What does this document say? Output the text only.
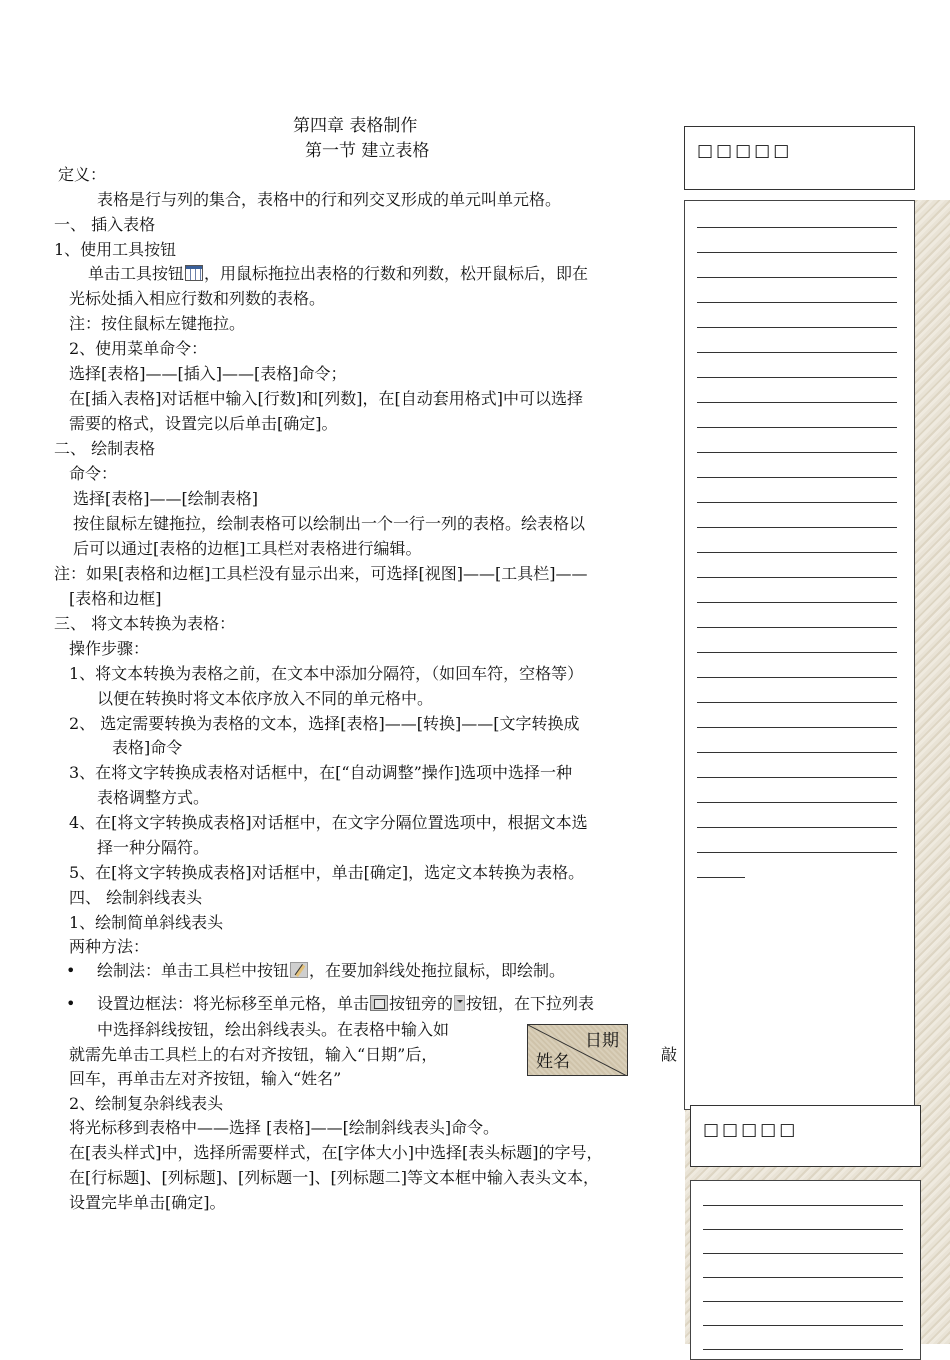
第四章 表格制作
第一节 建立表格
定义：
表格是行与列的集合，表格中的行和列交叉形成的单元叫单元格。
一、 插入表格
1、使用工具按钮
光标处插入相应行数和列数的表格。
注：按住鼠标左键拖拉。
2、使用菜单命令：
选择[表格]——[插入]——[表格]命令；
在[插入表格]对话框中输入[行数]和[列数]，在[自动套用格式]中可以选择
需要的格式，设置完以后单击[确定]。
二、 绘制表格
命令：
选择[表格]——[绘制表格]
按住鼠标左键拖拉，绘制表格可以绘制出一个一行一列的表格。绘表格以
后可以通过[表格的边框]工具栏对表格进行编辑。
注：如果[表格和边框]工具栏没有显示出来，可选择[视图]——[工具栏]——
[表格和边框]
三、 将文本转换为表格：
操作步骤：
1、将文本转换为表格之前，在文本中添加分隔符，（如回车符，空格等）
以便在转换时将文本依序放入不同的单元格中。
2、 选定需要转换为表格的文本，选择[表格]——[转换]——[文字转换成
表格]命令
3、在将文字转换成表格对话框中，在[“自动调整”操作]选项中选择一种
表格调整方式。
4、在[将文字转换成表格]对话框中，在文字分隔位置选项中，根据文本选
择一种分隔符。
5、在[将文字转换成表格]对话框中，单击[确定]，选定文本转换为表格。
四、 绘制斜线表头
1、绘制简单斜线表头
两种方法：
中选择斜线按钮，绘出斜线表头。在表格中输入如
就需先单击工具栏上的右对齐按钮，输入“日期”后，	敲
回车，再单击左对齐按钮，输入“姓名”
2、绘制复杂斜线表头
将光标移到表格中——选择 [表格]——[绘制斜线表头]命令。
在[表头样式]中，选择所需要样式，在[字体大小]中选择[表头标题]的字号，
在[行标题]、[列标题]、[列标题一]、[列标题二]等文本框中输入表头文本，
设置完毕单击[确定]。
单击工具按钮 ，用鼠标拖拉出表格的行数和列数，松开鼠标后，即在
• 绘制法：单击工具栏中按钮 ，在要加斜线处拖拉鼠标，即绘制。
• 设置边框法：将光标移至单元格，单击 按钮旁的 按钮，在下拉列表
日期
姓名
□□□□□
□□□□□
